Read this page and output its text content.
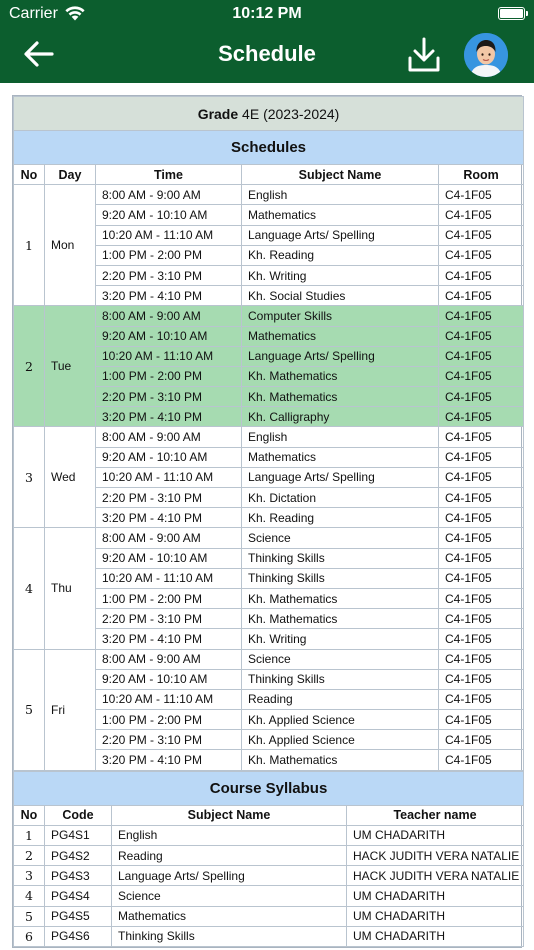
Carrier	10:12 PM
Schedule
Grade 4E (2023-2024)				
Schedules				
No	Day	Time	Subject Name	Room
1	Mon	8:00 AM - 9:00 AM	English	C4-1F05
		9:20 AM - 10:10 AM	Mathematics	C4-1F05
		10:20 AM - 11:10 AM	Language Arts/ Spelling	C4-1F05
		1:00 PM - 2:00 PM	Kh. Reading	C4-1F05
		2:20 PM - 3:10 PM	Kh. Writing	C4-1F05
		3:20 PM - 4:10 PM	Kh. Social Studies	C4-1F05
2	Tue	8:00 AM - 9:00 AM	Computer Skills	C4-1F05
		9:20 AM - 10:10 AM	Mathematics	C4-1F05
		10:20 AM - 11:10 AM	Language Arts/ Spelling	C4-1F05
		1:00 PM - 2:00 PM	Kh. Mathematics	C4-1F05
		2:20 PM - 3:10 PM	Kh. Mathematics	C4-1F05
		3:20 PM - 4:10 PM	Kh. Calligraphy	C4-1F05
3	Wed	8:00 AM - 9:00 AM	English	C4-1F05
		9:20 AM - 10:10 AM	Mathematics	C4-1F05
		10:20 AM - 11:10 AM	Language Arts/ Spelling	C4-1F05
		2:20 PM - 3:10 PM	Kh. Dictation	C4-1F05
		3:20 PM - 4:10 PM	Kh. Reading	C4-1F05
4	Thu	8:00 AM - 9:00 AM	Science	C4-1F05
		9:20 AM - 10:10 AM	Thinking Skills	C4-1F05
		10:20 AM - 11:10 AM	Thinking Skills	C4-1F05
		1:00 PM - 2:00 PM	Kh. Mathematics	C4-1F05
		2:20 PM - 3:10 PM	Kh. Mathematics	C4-1F05
		3:20 PM - 4:10 PM	Kh. Writing	C4-1F05
5	Fri	8:00 AM - 9:00 AM	Science	C4-1F05
		9:20 AM - 10:10 AM	Thinking Skills	C4-1F05
		10:20 AM - 11:10 AM	Reading	C4-1F05
		1:00 PM - 2:00 PM	Kh. Applied Science	C4-1F05
		2:20 PM - 3:10 PM	Kh. Applied Science	C4-1F05
		3:20 PM - 4:10 PM	Kh. Mathematics	C4-1F05
Course Syllabus			
No	Code	Subject Name	Teacher name
1	PG4S1	English	UM CHADARITH
2	PG4S2	Reading	HACK JUDITH VERA NATALIE
3	PG4S3	Language Arts/ Spelling	HACK JUDITH VERA NATALIE
4	PG4S4	Science	UM CHADARITH
5	PG4S5	Mathematics	UM CHADARITH
6	PG4S6	Thinking Skills	UM CHADARITH
